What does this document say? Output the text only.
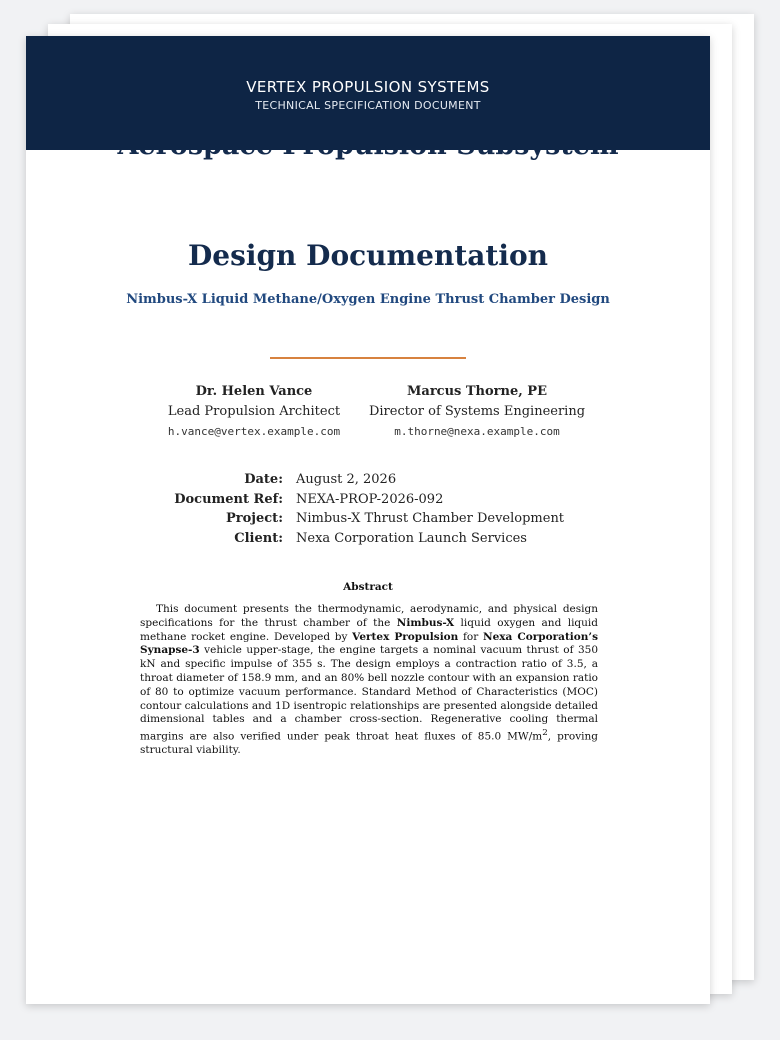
VERTEX PROPULSION SYSTEMS
TECHNICAL SPECIFICATION DOCUMENT
Design Documentation
Nimbus-X Liquid Methane/Oxygen Engine Thrust Chamber Design
Dr. Helen Vance
Lead Propulsion Architect
h.vance@vertex.example.com
Marcus Thorne, PE
Director of Systems Engineering
m.thorne@nexa.example.com
Date: August 2, 2026
Document Ref: NEXA-PROP-2026-092
Project: Nimbus-X Thrust Chamber Development
Client: Nexa Corporation Launch Services
Abstract

This document presents the thermodynamic, aerodynamic, and physical design specifications for the thrust chamber of the Nimbus-X liquid oxygen and liquid methane rocket engine. Developed by Vertex Propulsion for Nexa Corporation’s Synapse-3 vehicle upper-stage, the engine targets a nominal vacuum thrust of 350 kN and specific impulse of 355 s. The design employs a contraction ratio of 3.5, a throat diameter of 158.9 mm, and an 80% bell nozzle contour with an expansion ratio of 80 to optimize vacuum performance. Standard Method of Characteristics (MOC) contour calculations and 1D isentropic relationships are presented alongside detailed dimensional tables and a chamber cross-section. Regenerative cooling thermal margins are also verified under peak throat heat fluxes of 85.0 $MW/m^2$, proving structural viability.
